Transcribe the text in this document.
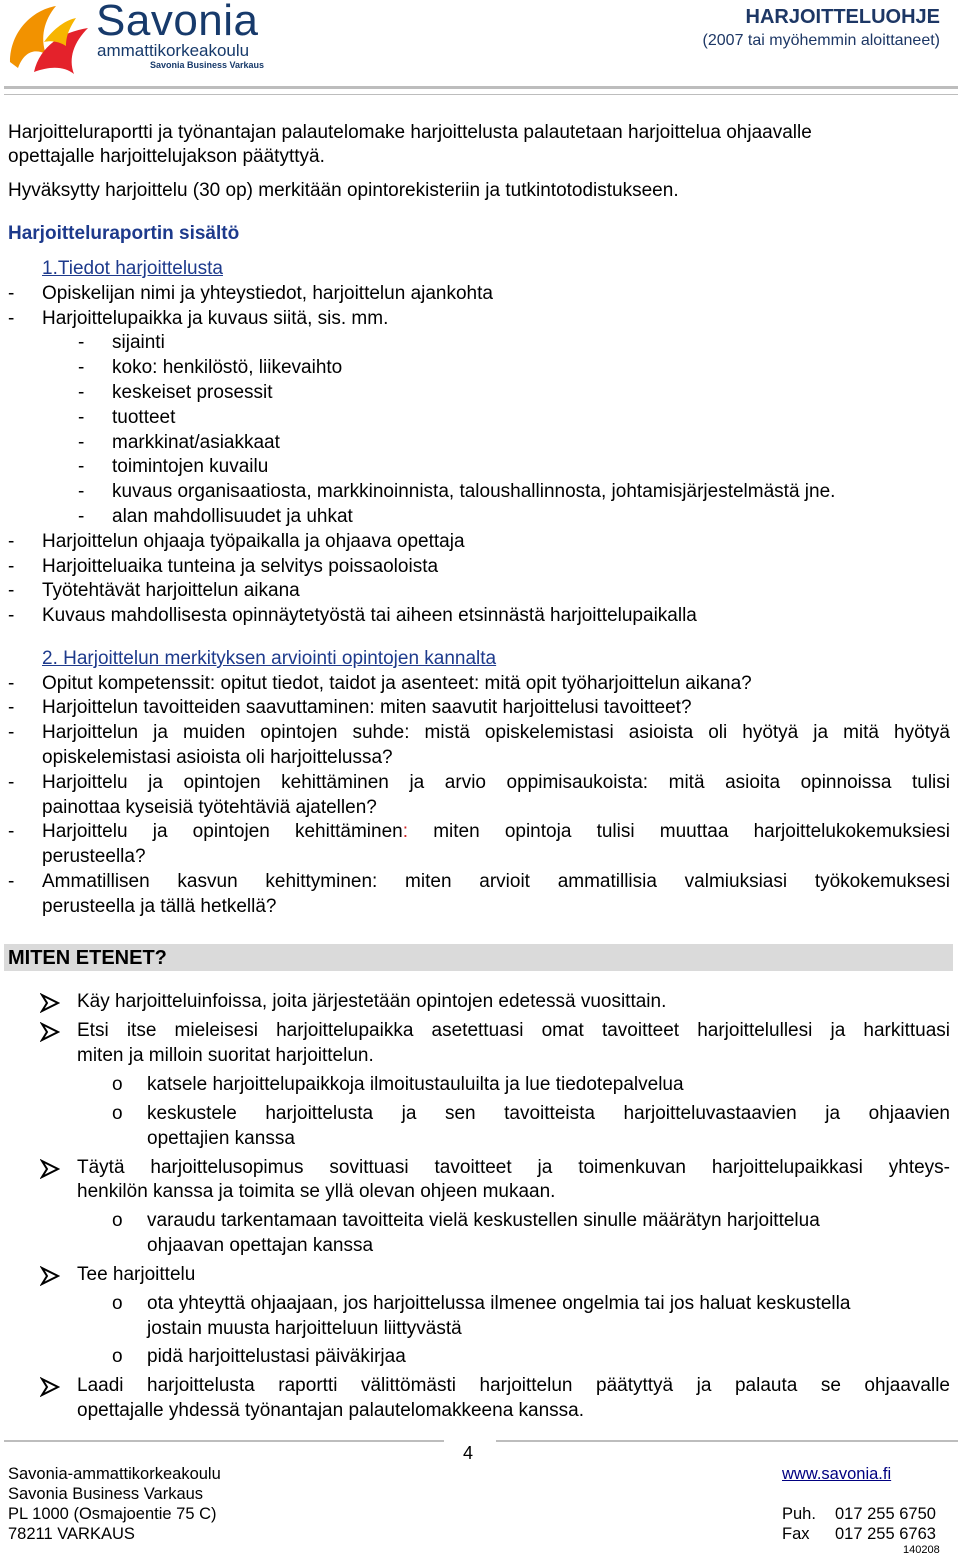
Savonia
ammattikorkeakoulu
Savonia Business Varkaus
HARJOITTELUOHJE
(2007 tai myöhemmin aloittaneet)
Harjoitteluraportti ja työnantajan palautelomake harjoittelusta palautetaan harjoittelua ohjaavalle
opettajalle harjoittelujakson päätyttyä.
Hyväksytty harjoittelu (30 op) merkitään opintorekisteriin ja tutkintotodistukseen.
Harjoitteluraportin sisältö
1.Tiedot harjoittelusta
- Opiskelijan nimi ja yhteystiedot, harjoittelun ajankohta
- Harjoittelupaikka ja kuvaus siitä, sis. mm.
- sijainti
- koko: henkilöstö, liikevaihto
- keskeiset prosessit
- tuotteet
- markkinat/asiakkaat
- toimintojen kuvailu
- kuvaus organisaatiosta, markkinoinnista, taloushallinnosta, johtamisjärjestelmästä jne.
- alan mahdollisuudet ja uhkat
- Harjoittelun ohjaaja työpaikalla ja ohjaava opettaja
- Harjoitteluaika tunteina ja selvitys poissaoloista
- Työtehtävät harjoittelun aikana
- Kuvaus mahdollisesta opinnäytetyöstä tai aiheen etsinnästä harjoittelupaikalla
2. Harjoittelun merkityksen arviointi opintojen kannalta
- Opitut kompetenssit: opitut tiedot, taidot ja asenteet: mitä opit työharjoittelun aikana?
- Harjoittelun tavoitteiden saavuttaminen: miten saavutit harjoittelusi tavoitteet?
- Harjoittelun ja muiden opintojen suhde: mistä opiskelemistasi asioista oli hyötyä ja mitä hyötyä
opiskelemistasi asioista oli harjoittelussa?
- Harjoittelu ja opintojen kehittäminen ja arvio oppimisaukoista: mitä asioita opinnoissa tulisi
painottaa kyseisiä työtehtäviä ajatellen?
- Harjoittelu ja opintojen kehittäminen: miten opintoja tulisi muuttaa harjoittelukokemuksiesi
perusteella?
- Ammatillisen kasvun kehittyminen: miten arvioit ammatillisia valmiuksiasi työkokemuksesi
perusteella ja tällä hetkellä?
MITEN ETENET?
Käy harjoitteluinfoissa, joita järjestetään opintojen edetessä vuosittain.
Etsi itse mieleisesi harjoittelupaikka asetettuasi omat tavoitteet harjoittelullesi ja harkittuasi
miten ja milloin suoritat harjoittelun.
o katsele harjoittelupaikkoja ilmoitustauluilta ja lue tiedotepalvelua
o keskustele harjoittelusta ja sen tavoitteista harjoitteluvastaavien ja ohjaavien
opettajien kanssa
Täytä harjoittelusopimus sovittuasi tavoitteet ja toimenkuvan harjoittelupaikkasi yhteys-
henkilön kanssa ja toimita se yllä olevan ohjeen mukaan.
o varaudu tarkentamaan tavoitteita vielä keskustellen sinulle määrätyn harjoittelua
ohjaavan opettajan kanssa
Tee harjoittelu
o ota yhteyttä ohjaajaan, jos harjoittelussa ilmenee ongelmia tai jos haluat keskustella
jostain muusta harjoitteluun liittyvästä
o pidä harjoittelustasi päiväkirjaa
Laadi harjoittelusta raportti välittömästi harjoittelun päätyttyä ja palauta se ohjaavalle
opettajalle yhdessä työnantajan palautelomakkeena kanssa.
4
Savonia-ammattikorkeakoulu
Savonia Business Varkaus
PL 1000 (Osmajoentie 75 C)
78211 VARKAUS
www.savonia.fi
Puh. 017 255 6750
Fax 017 255 6763
140208
